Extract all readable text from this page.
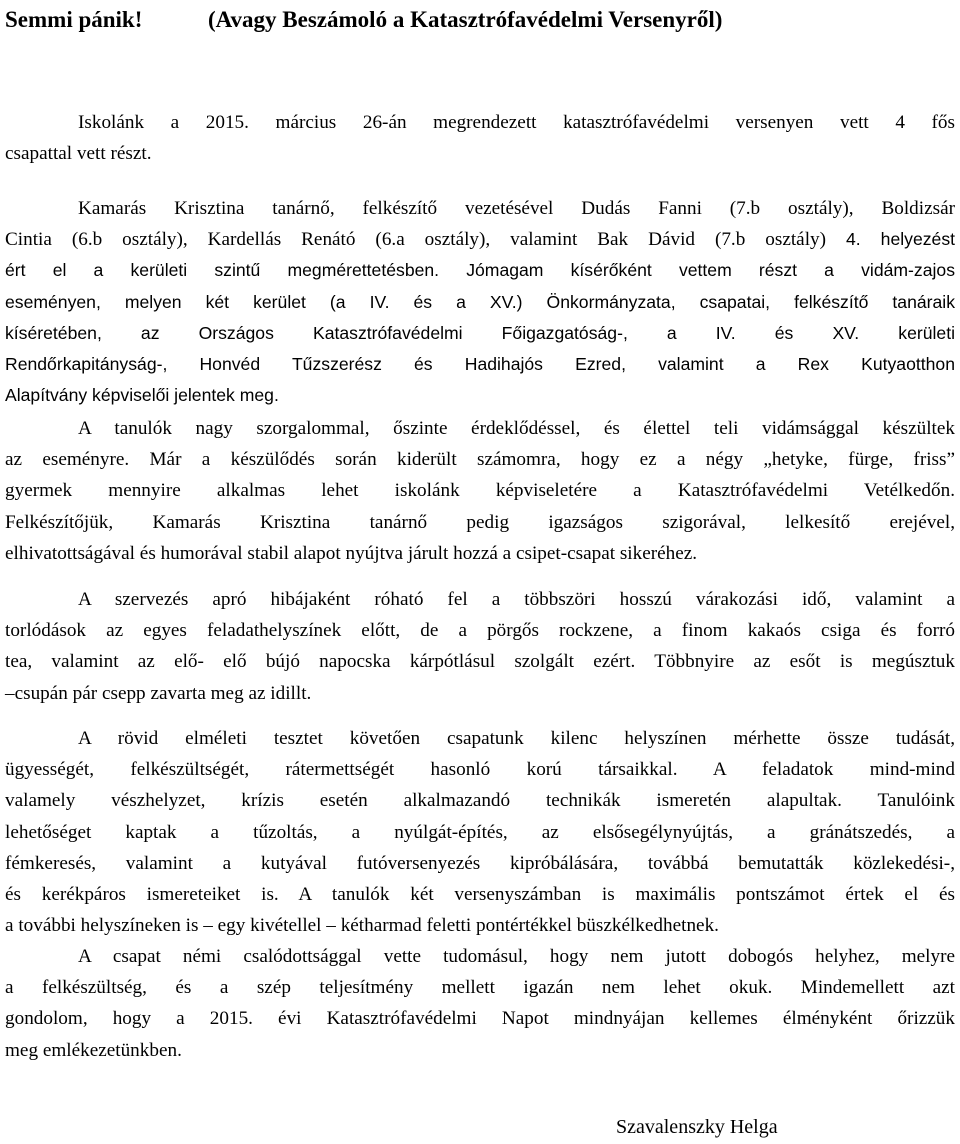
Semmi pánik!	(Avagy Beszámoló a Katasztrófavédelmi Versenyről)
Iskolánk a 2015. március 26-án megrendezett katasztrófavédelmi versenyen vett 4 fős
csapattal vett részt.
Kamarás Krisztina tanárnő, felkészítő vezetésével Dudás Fanni (7.b osztály), Boldizsár
Cintia (6.b osztály), Kardellás Renátó (6.a osztály), valamint Bak Dávid (7.b osztály) 4. helyezést
ért el a kerületi szintű megmérettetésben. Jómagam kísérőként vettem részt a vidám-zajos
eseményen, melyen két kerület (a IV. és a XV.) Önkormányzata, csapatai, felkészítő tanáraik
kíséretében, az Országos Katasztrófavédelmi Főigazgatóság-, a IV. és XV. kerületi
Rendőrkapitányság-, Honvéd Tűzszerész és Hadihajós Ezred, valamint a Rex Kutyaotthon
Alapítvány képviselői jelentek meg.
A tanulók nagy szorgalommal, őszinte érdeklődéssel, és élettel teli vidámsággal készültek
az eseményre. Már a készülődés során kiderült számomra, hogy ez a négy „hetyke, fürge, friss”
gyermek mennyire alkalmas lehet iskolánk képviseletére a Katasztrófavédelmi Vetélkedőn.
Felkészítőjük, Kamarás Krisztina tanárnő pedig igazságos szigorával, lelkesítő erejével,
elhivatottságával és humorával stabil alapot nyújtva járult hozzá a csipet-csapat sikeréhez.
A szervezés apró hibájaként róható fel a többszöri hosszú várakozási idő, valamint a
torlódások az egyes feladathelyszínek előtt, de a pörgős rockzene, a finom kakaós csiga és forró
tea, valamint az elő- elő bújó napocska kárpótlásul szolgált ezért. Többnyire az esőt is megúsztuk
–csupán pár csepp zavarta meg az idillt.
A rövid elméleti tesztet követően csapatunk kilenc helyszínen mérhette össze tudását,
ügyességét, felkészültségét, rátermettségét hasonló korú társaikkal. A feladatok mind-mind
valamely vészhelyzet, krízis esetén alkalmazandó technikák ismeretén alapultak. Tanulóink
lehetőséget kaptak a tűzoltás, a nyúlgát-építés, az elsősegélynyújtás, a gránátszedés, a
fémkeresés, valamint a kutyával futóversenyezés kipróbálására, továbbá bemutatták közlekedési-,
és kerékpáros ismereteiket is. A tanulók két versenyszámban is maximális pontszámot értek el és
a további helyszíneken is – egy kivétellel – kétharmad feletti pontértékkel büszkélkedhetnek.
A csapat némi csalódottsággal vette tudomásul, hogy nem jutott dobogós helyhez, melyre
a felkészültség, és a szép teljesítmény mellett igazán nem lehet okuk. Mindemellett azt
gondolom, hogy a 2015. évi Katasztrófavédelmi Napot mindnyájan kellemes élményként őrizzük
meg emlékezetünkben.
Szavalenszky Helga
